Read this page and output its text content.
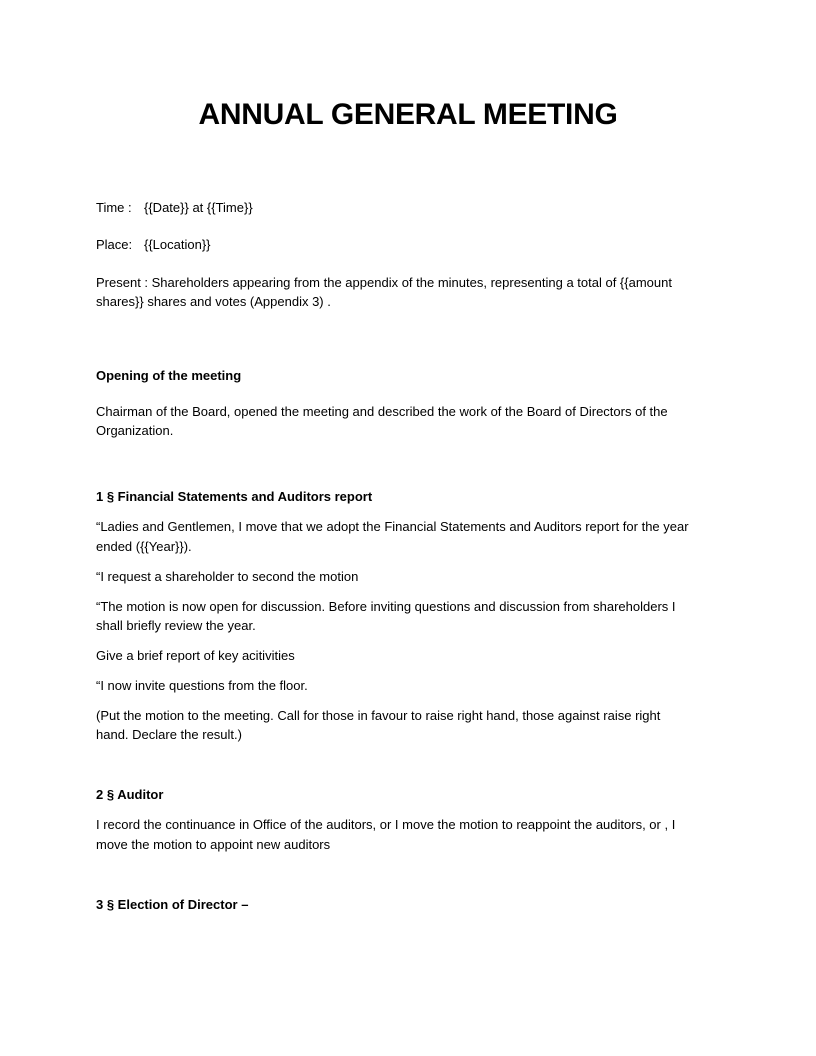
ANNUAL GENERAL MEETING
Time : {{Date}} at {{Time}}
Place: {{Location}}
Present : Shareholders appearing from the appendix of the minutes, representing a total of {{amount
shares}} shares and votes (Appendix 3) .
Opening of the meeting
Chairman of the Board, opened the meeting and described the work of the Board of Directors of the
Organization.
1 § Financial Statements and Auditors report
“Ladies and Gentlemen, I move that we adopt the Financial Statements and Auditors report for the year
ended ({{Year}}).
“I request a shareholder to second the motion
“The motion is now open for discussion. Before inviting questions and discussion from shareholders I
shall briefly review the year.
Give a brief report of key acitivities
“I now invite questions from the floor.
(Put the motion to the meeting. Call for those in favour to raise right hand, those against raise right
hand. Declare the result.)
2 § Auditor
I record the continuance in Office of the auditors, or I move the motion to reappoint the auditors, or , I
move the motion to appoint new auditors
3 § Election of Director –
